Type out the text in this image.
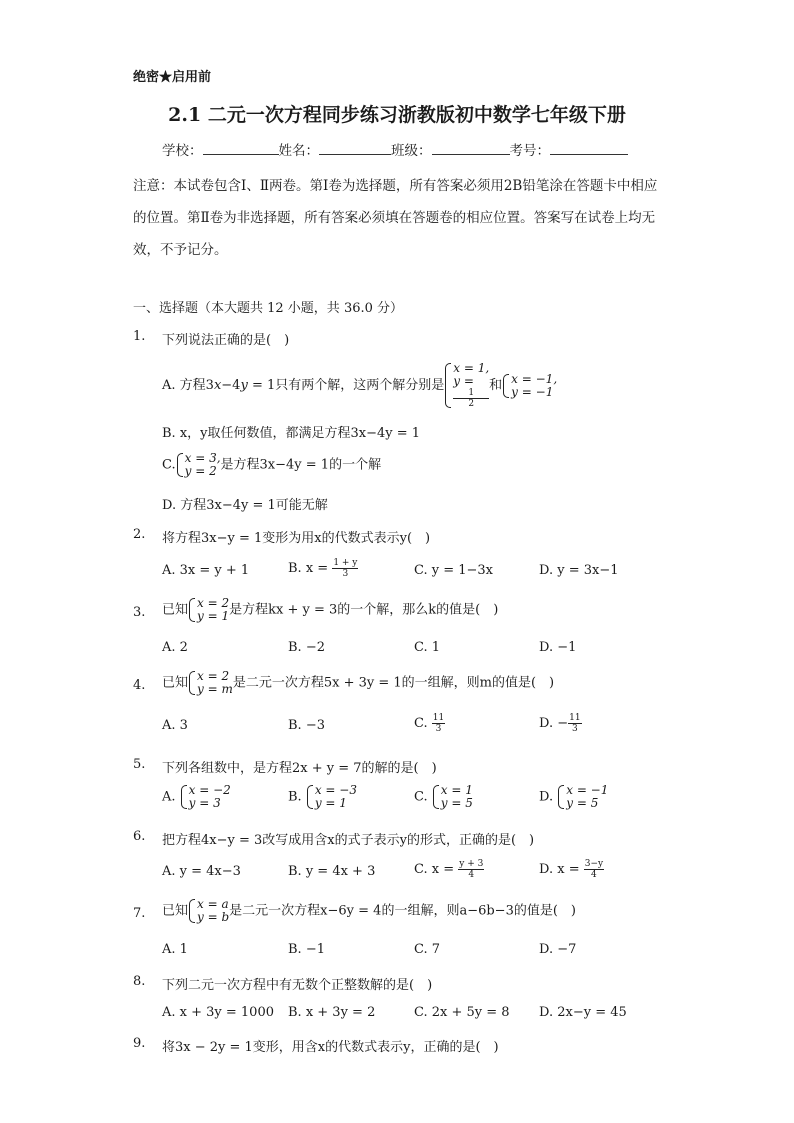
绝密★启用前
2.1 二元一次方程同步练习浙教版初中数学七年级下册
学校：	姓名：	班级：	考号：
注意：本试卷包含Ⅰ、Ⅱ两卷。第Ⅰ卷为选择题，所有答案必须用2B铅笔涂在答题卡中相应的位置。第Ⅱ卷为非选择题，所有答案必须填在答题卷的相应位置。答案写在试卷上均无效，不予记分。
一、选择题（本大题共 12 小题，共 36.0 分）
1. 下列说法正确的是(　)
A. 方程3x−4y = 1只有两个解，这两个解分别是
x = 1,
y =
1
2
和 x = −1,
y = −1
B. x，y取任何数值，都满足方程3x−4y = 1
C. x = 3,
y = 2 是方程3x−4y = 1的一个解
D. 方程3x−4y = 1可能无解
2. 将方程3x−y = 1变形为用x的代数式表示y(　)
A. 3x = y + 1	B. $x = \frac{1 + y}{3}$	C. y = 1−3x	D. y = 3x−1
3. 已知 x = 2
y = 1 是方程kx + y = 3的一个解，那么k的值是(　)
A. 2	B. −2	C. 1	D. −1
4. 已知 x = 2
y = m 是二元一次方程5x + 3y = 1的一组解，则m的值是(　)
A. 3	B. −3	C. $\frac{11}{3}$	D. − $\frac{11}{3}$
5. 下列各组数中，是方程2x + y = 7的解的是(　)
A. x = −2
y = 3	B. x = −3
y = 1	C. x = 1
y = 5	D. x = −1
y = 5
6. 把方程4x−y = 3改写成用含x的式子表示y的形式，正确的是(　)
A. y = 4x−3	B. y = 4x + 3	C. $x = \frac{y + 3}{4}$	D. $x = \frac{3-y}{4}$
7. 已知 x = a
y = b 是二元一次方程x−6y = 4的一组解，则a−6b−3的值是(　)
A. 1	B. −1	C. 7	D. −7
8. 下列二元一次方程中有无数个正整数解的是(　)
A. x + 3y = 1000 B. x + 3y = 2	C. 2x + 5y = 8 D. 2x−y = 45
9. 将3x − 2y = 1变形，用含x的代数式表示y，正确的是(　)
